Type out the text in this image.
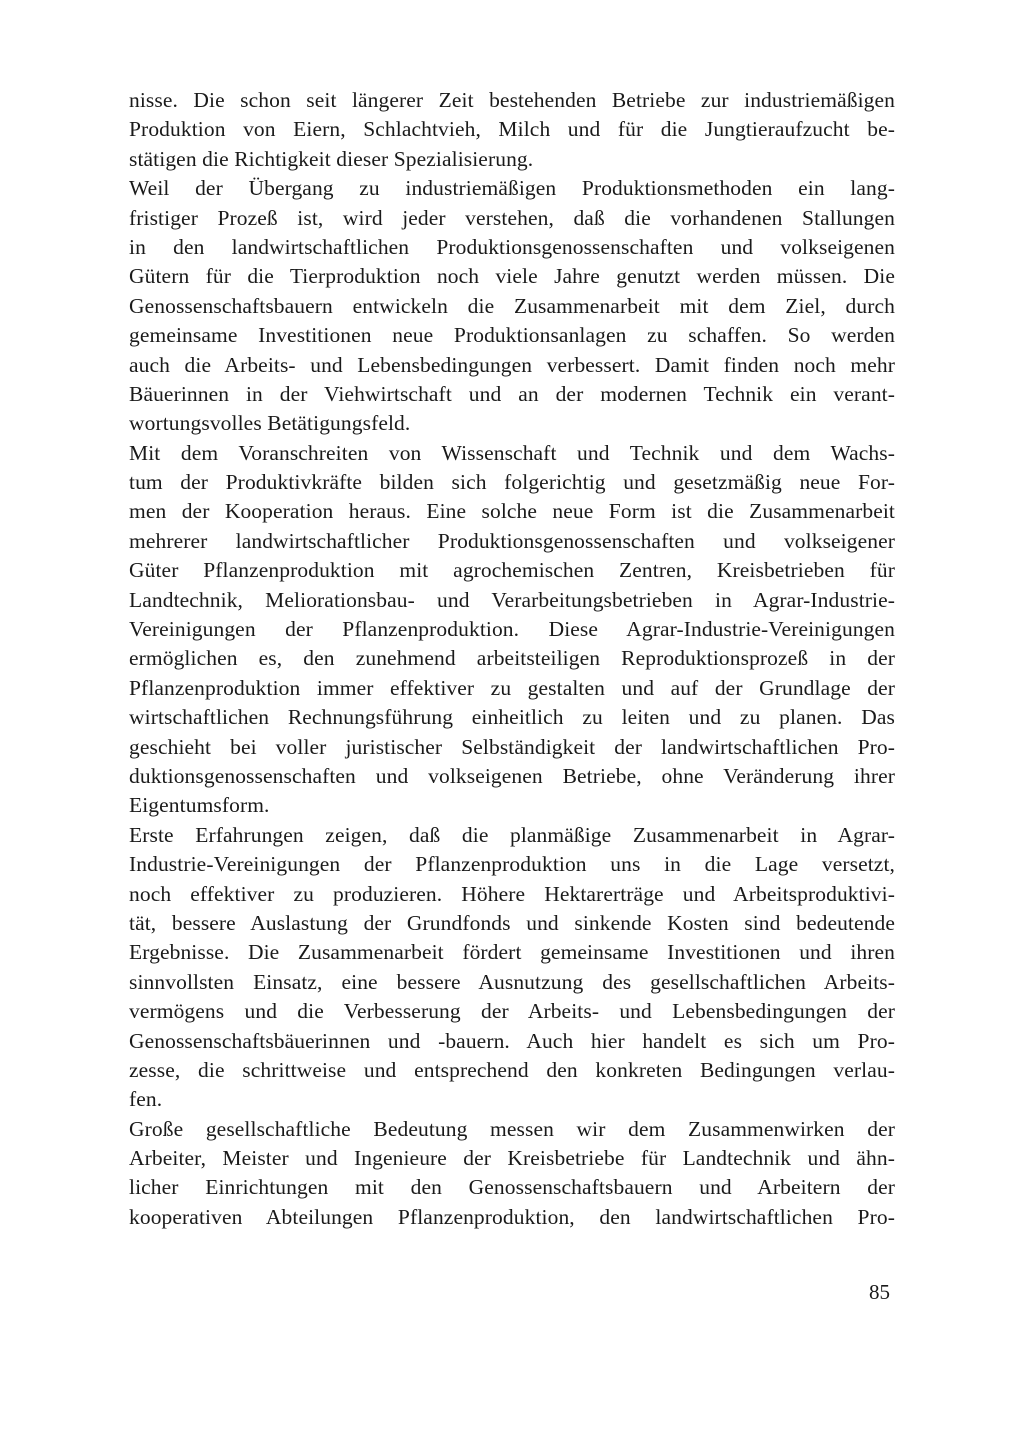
nisse. Die schon seit längerer Zeit bestehenden Betriebe zur industriemäßigen
Produktion von Eiern, Schlachtvieh, Milch und für die Jungtieraufzucht be-
stätigen die Richtigkeit dieser Spezialisierung.
Weil der Übergang zu industriemäßigen Produktionsmethoden ein lang-
fristiger Prozeß ist, wird jeder verstehen, daß die vorhandenen Stallungen
in den landwirtschaftlichen Produktionsgenossenschaften und volkseigenen
Gütern für die Tierproduktion noch viele Jahre genutzt werden müssen. Die
Genossenschaftsbauern entwickeln die Zusammenarbeit mit dem Ziel, durch
gemeinsame Investitionen neue Produktionsanlagen zu schaffen. So werden
auch die Arbeits- und Lebensbedingungen verbessert. Damit finden noch mehr
Bäuerinnen in der Viehwirtschaft und an der modernen Technik ein verant-
wortungsvolles Betätigungsfeld.
Mit dem Voranschreiten von Wissenschaft und Technik und dem Wachs-
tum der Produktivkräfte bilden sich folgerichtig und gesetzmäßig neue For-
men der Kooperation heraus. Eine solche neue Form ist die Zusammenarbeit
mehrerer landwirtschaftlicher Produktionsgenossenschaften und volkseigener
Güter Pflanzenproduktion mit agrochemischen Zentren, Kreisbetrieben für
Landtechnik, Meliorationsbau- und Verarbeitungsbetrieben in Agrar-Industrie-
Vereinigungen der Pflanzenproduktion. Diese Agrar-Industrie-Vereinigungen
ermöglichen es, den zunehmend arbeitsteiligen Reproduktionsprozeß in der
Pflanzenproduktion immer effektiver zu gestalten und auf der Grundlage der
wirtschaftlichen Rechnungsführung einheitlich zu leiten und zu planen. Das
geschieht bei voller juristischer Selbständigkeit der landwirtschaftlichen Pro-
duktionsgenossenschaften und volkseigenen Betriebe, ohne Veränderung ihrer
Eigentumsform.
Erste Erfahrungen zeigen, daß die planmäßige Zusammenarbeit in Agrar-
Industrie-Vereinigungen der Pflanzenproduktion uns in die Lage versetzt,
noch effektiver zu produzieren. Höhere Hektarerträge und Arbeitsproduktivi-
tät, bessere Auslastung der Grundfonds und sinkende Kosten sind bedeutende
Ergebnisse. Die Zusammenarbeit fördert gemeinsame Investitionen und ihren
sinnvollsten Einsatz, eine bessere Ausnutzung des gesellschaftlichen Arbeits-
vermögens und die Verbesserung der Arbeits- und Lebensbedingungen der
Genossenschaftsbäuerinnen und -bauern. Auch hier handelt es sich um Pro-
zesse, die schrittweise und entsprechend den konkreten Bedingungen verlau-
fen.
Große gesellschaftliche Bedeutung messen wir dem Zusammenwirken der
Arbeiter, Meister und Ingenieure der Kreisbetriebe für Landtechnik und ähn-
licher Einrichtungen mit den Genossenschaftsbauern und Arbeitern der
kooperativen Abteilungen Pflanzenproduktion, den landwirtschaftlichen Pro-
85
